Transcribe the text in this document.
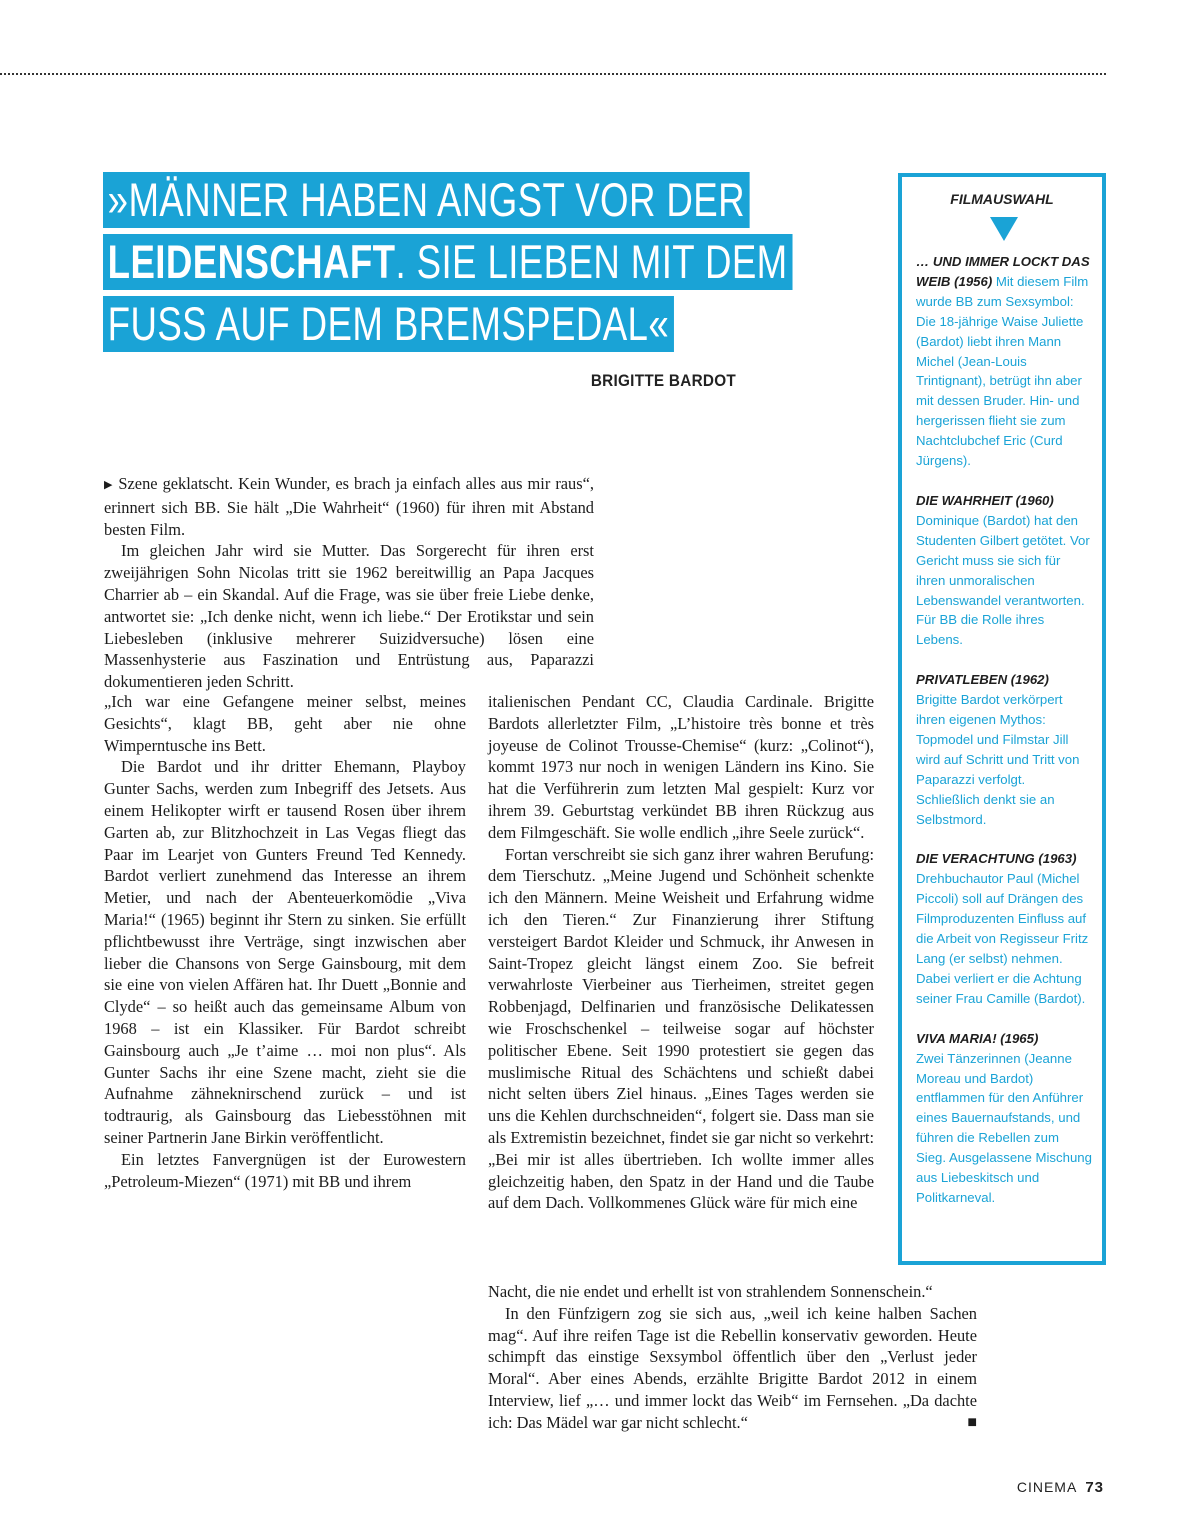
»MÄNNER HABEN ANGST VOR DER
LEIDENSCHAFT. SIE LIEBEN MIT DEM
FUSS AUF DEM BREMSPEDAL«
BRIGITTE BARDOT

▶ Szene geklatscht. Kein Wunder, es brach ja einfach alles aus mir raus“, erinnert sich BB. Sie hält „Die Wahrheit“ (1960) für ihren mit Abstand besten Film.

Im gleichen Jahr wird sie Mutter. Das Sorgerecht für ihren erst zweijährigen Sohn Nicolas tritt sie 1962 bereitwillig an Papa Jacques Charrier ab – ein Skandal. Auf die Frage, was sie über freie Liebe denke, antwortet sie: „Ich denke nicht, wenn ich liebe.“ Der Erotikstar und sein Liebesleben (inklusive mehrerer Suizidversuche) lösen eine Massenhysterie aus Faszination und Entrüstung aus, Paparazzi dokumentieren jeden Schritt.

„Ich war eine Gefangene meiner selbst, meines Gesichts“, klagt BB, geht aber nie ohne Wimperntusche ins Bett.

Die Bardot und ihr dritter Ehemann, Playboy Gunter Sachs, werden zum Inbegriff des Jetsets. Aus einem Helikopter wirft er tausend Rosen über ihrem Garten ab, zur Blitzhochzeit in Las Vegas fliegt das Paar im Learjet von Gunters Freund Ted Kennedy. Bardot verliert zunehmend das Interesse an ihrem Metier, und nach der Abenteuerkomödie „Viva Maria!“ (1965) beginnt ihr Stern zu sinken. Sie erfüllt pflichtbewusst ihre Verträge, singt inzwischen aber lieber die Chansons von Serge Gainsbourg, mit dem sie eine von vielen Affären hat. Ihr Duett „Bonnie and Clyde“ – so heißt auch das gemeinsame Album von 1968 – ist ein Klassiker. Für Bardot schreibt Gainsbourg auch „Je t’aime … moi non plus“. Als Gunter Sachs ihr eine Szene macht, zieht sie die Aufnahme zähneknirschend zurück – und ist todtraurig, als Gainsbourg das Liebesstöhnen mit seiner Partnerin Jane Birkin veröffentlicht.

Ein letztes Fanvergnügen ist der Eurowestern „Petroleum-Miezen“ (1971) mit BB und ihrem

italienischen Pendant CC, Claudia Cardinale. Brigitte Bardots allerletzter Film, „L’histoire très bonne et très joyeuse de Colinot Trousse-Chemise“ (kurz: „Colinot“), kommt 1973 nur noch in wenigen Ländern ins Kino. Sie hat die Verführerin zum letzten Mal gespielt: Kurz vor ihrem 39. Geburtstag verkündet BB ihren Rückzug aus dem Filmgeschäft. Sie wolle endlich „ihre Seele zurück“.

Fortan verschreibt sie sich ganz ihrer wahren Berufung: dem Tierschutz. „Meine Jugend und Schönheit schenkte ich den Männern. Meine Weisheit und Erfahrung widme ich den Tieren.“ Zur Finanzierung ihrer Stiftung versteigert Bardot Kleider und Schmuck, ihr Anwesen in Saint-Tropez gleicht längst einem Zoo. Sie befreit verwahrloste Vierbeiner aus Tierheimen, streitet gegen Robbenjagd, Delfinarien und französische Delikatessen wie Froschschenkel – teilweise sogar auf höchster politischer Ebene. Seit 1990 protestiert sie gegen das muslimische Ritual des Schächtens und schießt dabei nicht selten übers Ziel hinaus. „Eines Tages werden sie uns die Kehlen durchschneiden“, folgert sie. Dass man sie als Extremistin bezeichnet, findet sie gar nicht so verkehrt: „Bei mir ist alles übertrieben. Ich wollte immer alles gleichzeitig haben, den Spatz in der Hand und die Taube auf dem Dach. Vollkommenes Glück wäre für mich eine

Nacht, die nie endet und erhellt ist von strahlendem Sonnenschein.“

In den Fünfzigern zog sie sich aus, „weil ich keine halben Sachen mag“. Auf ihre reifen Tage ist die Rebellin konservativ geworden. Heute schimpft das einstige Sexsymbol öffentlich über den „Verlust jeder Moral“. Aber eines Abends, erzählte Brigitte Bardot 2012 in einem Interview, lief „… und immer lockt das Weib“ im Fernsehen. „Da dachte ich: Das Mädel war gar nicht schlecht.“	■

FILMAUSWAHL
… UND IMMER LOCKT DAS WEIB (1956) Mit diesem Film wurde BB zum Sexsymbol: Die 18-jährige Waise Juliette (Bardot) liebt ihren Mann Michel (Jean-Louis Trintignant), betrügt ihn aber mit dessen Bruder. Hin- und hergerissen flieht sie zum Nachtclubchef Eric (Curd Jürgens).
DIE WAHRHEIT (1960)
Dominique (Bardot) hat den Studenten Gilbert getötet. Vor Gericht muss sie sich für ihren unmoralischen Lebenswandel verantworten. Für BB die Rolle ihres Lebens.
PRIVATLEBEN (1962) Brigitte Bardot verkörpert ihren eigenen Mythos: Topmodel und Filmstar Jill wird auf Schritt und Tritt von Paparazzi verfolgt. Schließlich denkt sie an Selbstmord.
DIE VERACHTUNG (1963)
Drehbuchautor Paul (Michel Piccoli) soll auf Drängen des Filmproduzenten Einfluss auf die Arbeit von Regisseur Fritz Lang (er selbst) nehmen. Dabei verliert er die Achtung seiner Frau Camille (Bardot).
VIVA MARIA! (1965)
Zwei Tänzerinnen (Jeanne Moreau und Bardot) entflammen für den Anführer eines Bauernaufstands, und führen die Rebellen zum Sieg. Ausgelassene Mischung aus Liebeskitsch und Politkarneval.
CINEMA 73
